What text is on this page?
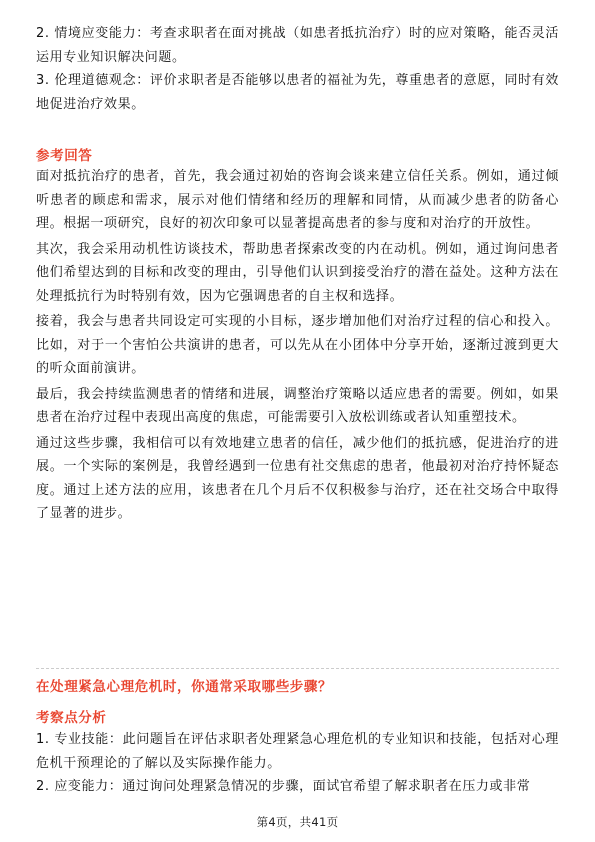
2. 情境应变能力：考查求职者在面对挑战（如患者抵抗治疗）时的应对策略，能否灵活运用专业知识解决问题。

3. 伦理道德观念：评价求职者是否能够以患者的福祉为先，尊重患者的意愿，同时有效地促进治疗效果。

参考回答

面对抵抗治疗的患者，首先，我会通过初始的咨询会谈来建立信任关系。例如，通过倾听患者的顾虑和需求，展示对他们情绪和经历的理解和同情，从而减少患者的防备心理。根据一项研究，良好的初次印象可以显著提高患者的参与度和对治疗的开放性。

其次，我会采用动机性访谈技术，帮助患者探索改变的内在动机。例如，通过询问患者他们希望达到的目标和改变的理由，引导他们认识到接受治疗的潜在益处。这种方法在处理抵抗行为时特别有效，因为它强调患者的自主权和选择。

接着，我会与患者共同设定可实现的小目标，逐步增加他们对治疗过程的信心和投入。比如，对于一个害怕公共演讲的患者，可以先从在小团体中分享开始，逐渐过渡到更大的听众面前演讲。

最后，我会持续监测患者的情绪和进展，调整治疗策略以适应患者的需要。例如，如果患者在治疗过程中表现出高度的焦虑，可能需要引入放松训练或者认知重塑技术。

通过这些步骤，我相信可以有效地建立患者的信任，减少他们的抵抗感，促进治疗的进展。一个实际的案例是，我曾经遇到一位患有社交焦虑的患者，他最初对治疗持怀疑态度。通过上述方法的应用，该患者在几个月后不仅积极参与治疗，还在社交场合中取得了显著的进步。

在处理紧急心理危机时，你通常采取哪些步骤？

考察点分析

1. 专业技能：此问题旨在评估求职者处理紧急心理危机的专业知识和技能，包括对心理危机干预理论的了解以及实际操作能力。

2. 应变能力：通过询问处理紧急情况的步骤，面试官希望了解求职者在压力或非常

第4页，共41页
